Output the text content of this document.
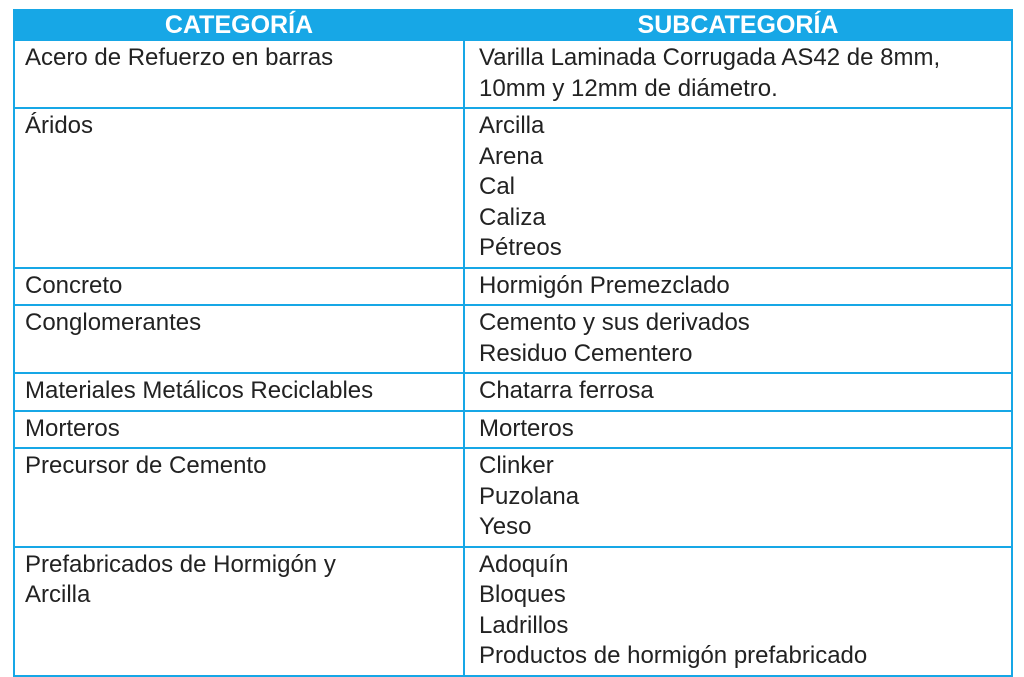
CATEGORÍA	SUBCATEGORÍA

Acero de Refuerzo en barras	Varilla Laminada Corrugada AS42 de 8mm,
10mm y 12mm de diámetro.

Áridos	Arcilla
Arena
Cal
Caliza
Pétreos

Concreto	Hormigón Premezclado

Conglomerantes	Cemento y sus derivados
Residuo Cementero

Materiales Metálicos Reciclables	Chatarra ferrosa

Morteros	Morteros

Precursor de Cemento	Clinker
Puzolana
Yeso

Prefabricados de Hormigón y
Arcilla	Adoquín
Bloques
Ladrillos
Productos de hormigón prefabricado
